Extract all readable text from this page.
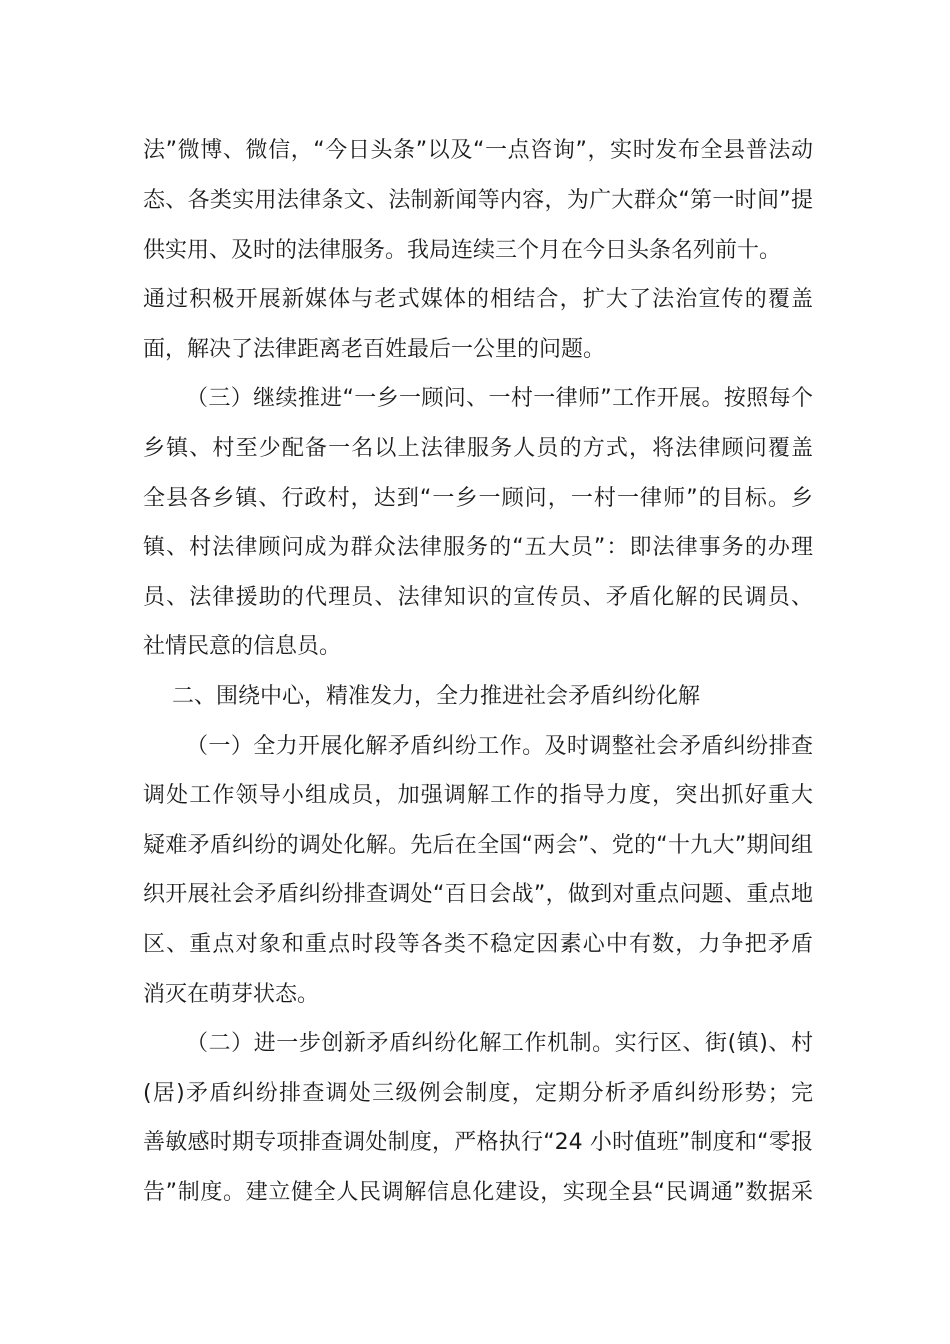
法”微博、微信，“今日头条”以及“一点咨询”，实时发布全县普法动
态、各类实用法律条文、法制新闻等内容，为广大群众“第一时间”提
供实用、及时的法律服务。我局连续三个月在今日头条名列前十。
通过积极开展新媒体与老式媒体的相结合，扩大了法治宣传的覆盖
面，解决了法律距离老百姓最后一公里的问题。
（三）继续推进“一乡一顾问、一村一律师”工作开展。按照每个
乡镇、村至少配备一名以上法律服务人员的方式，将法律顾问覆盖
全县各乡镇、行政村，达到“一乡一顾问，一村一律师”的目标。乡
镇、村法律顾问成为群众法律服务的“五大员”：即法律事务的办理
员、法律援助的代理员、法律知识的宣传员、矛盾化解的民调员、
社情民意的信息员。
二、围绕中心，精准发力，全力推进社会矛盾纠纷化解
（一）全力开展化解矛盾纠纷工作。及时调整社会矛盾纠纷排查
调处工作领导小组成员，加强调解工作的指导力度，突出抓好重大
疑难矛盾纠纷的调处化解。先后在全国“两会”、党的“十九大”期间组
织开展社会矛盾纠纷排查调处“百日会战”，做到对重点问题、重点地
区、重点对象和重点时段等各类不稳定因素心中有数，力争把矛盾
消灭在萌芽状态。
（二）进一步创新矛盾纠纷化解工作机制。实行区、街(镇)、村
(居)矛盾纠纷排查调处三级例会制度，定期分析矛盾纠纷形势；完
善敏感时期专项排查调处制度，严格执行“24 小时值班”制度和“零报
告”制度。建立健全人民调解信息化建设，实现全县“民调通”数据采
